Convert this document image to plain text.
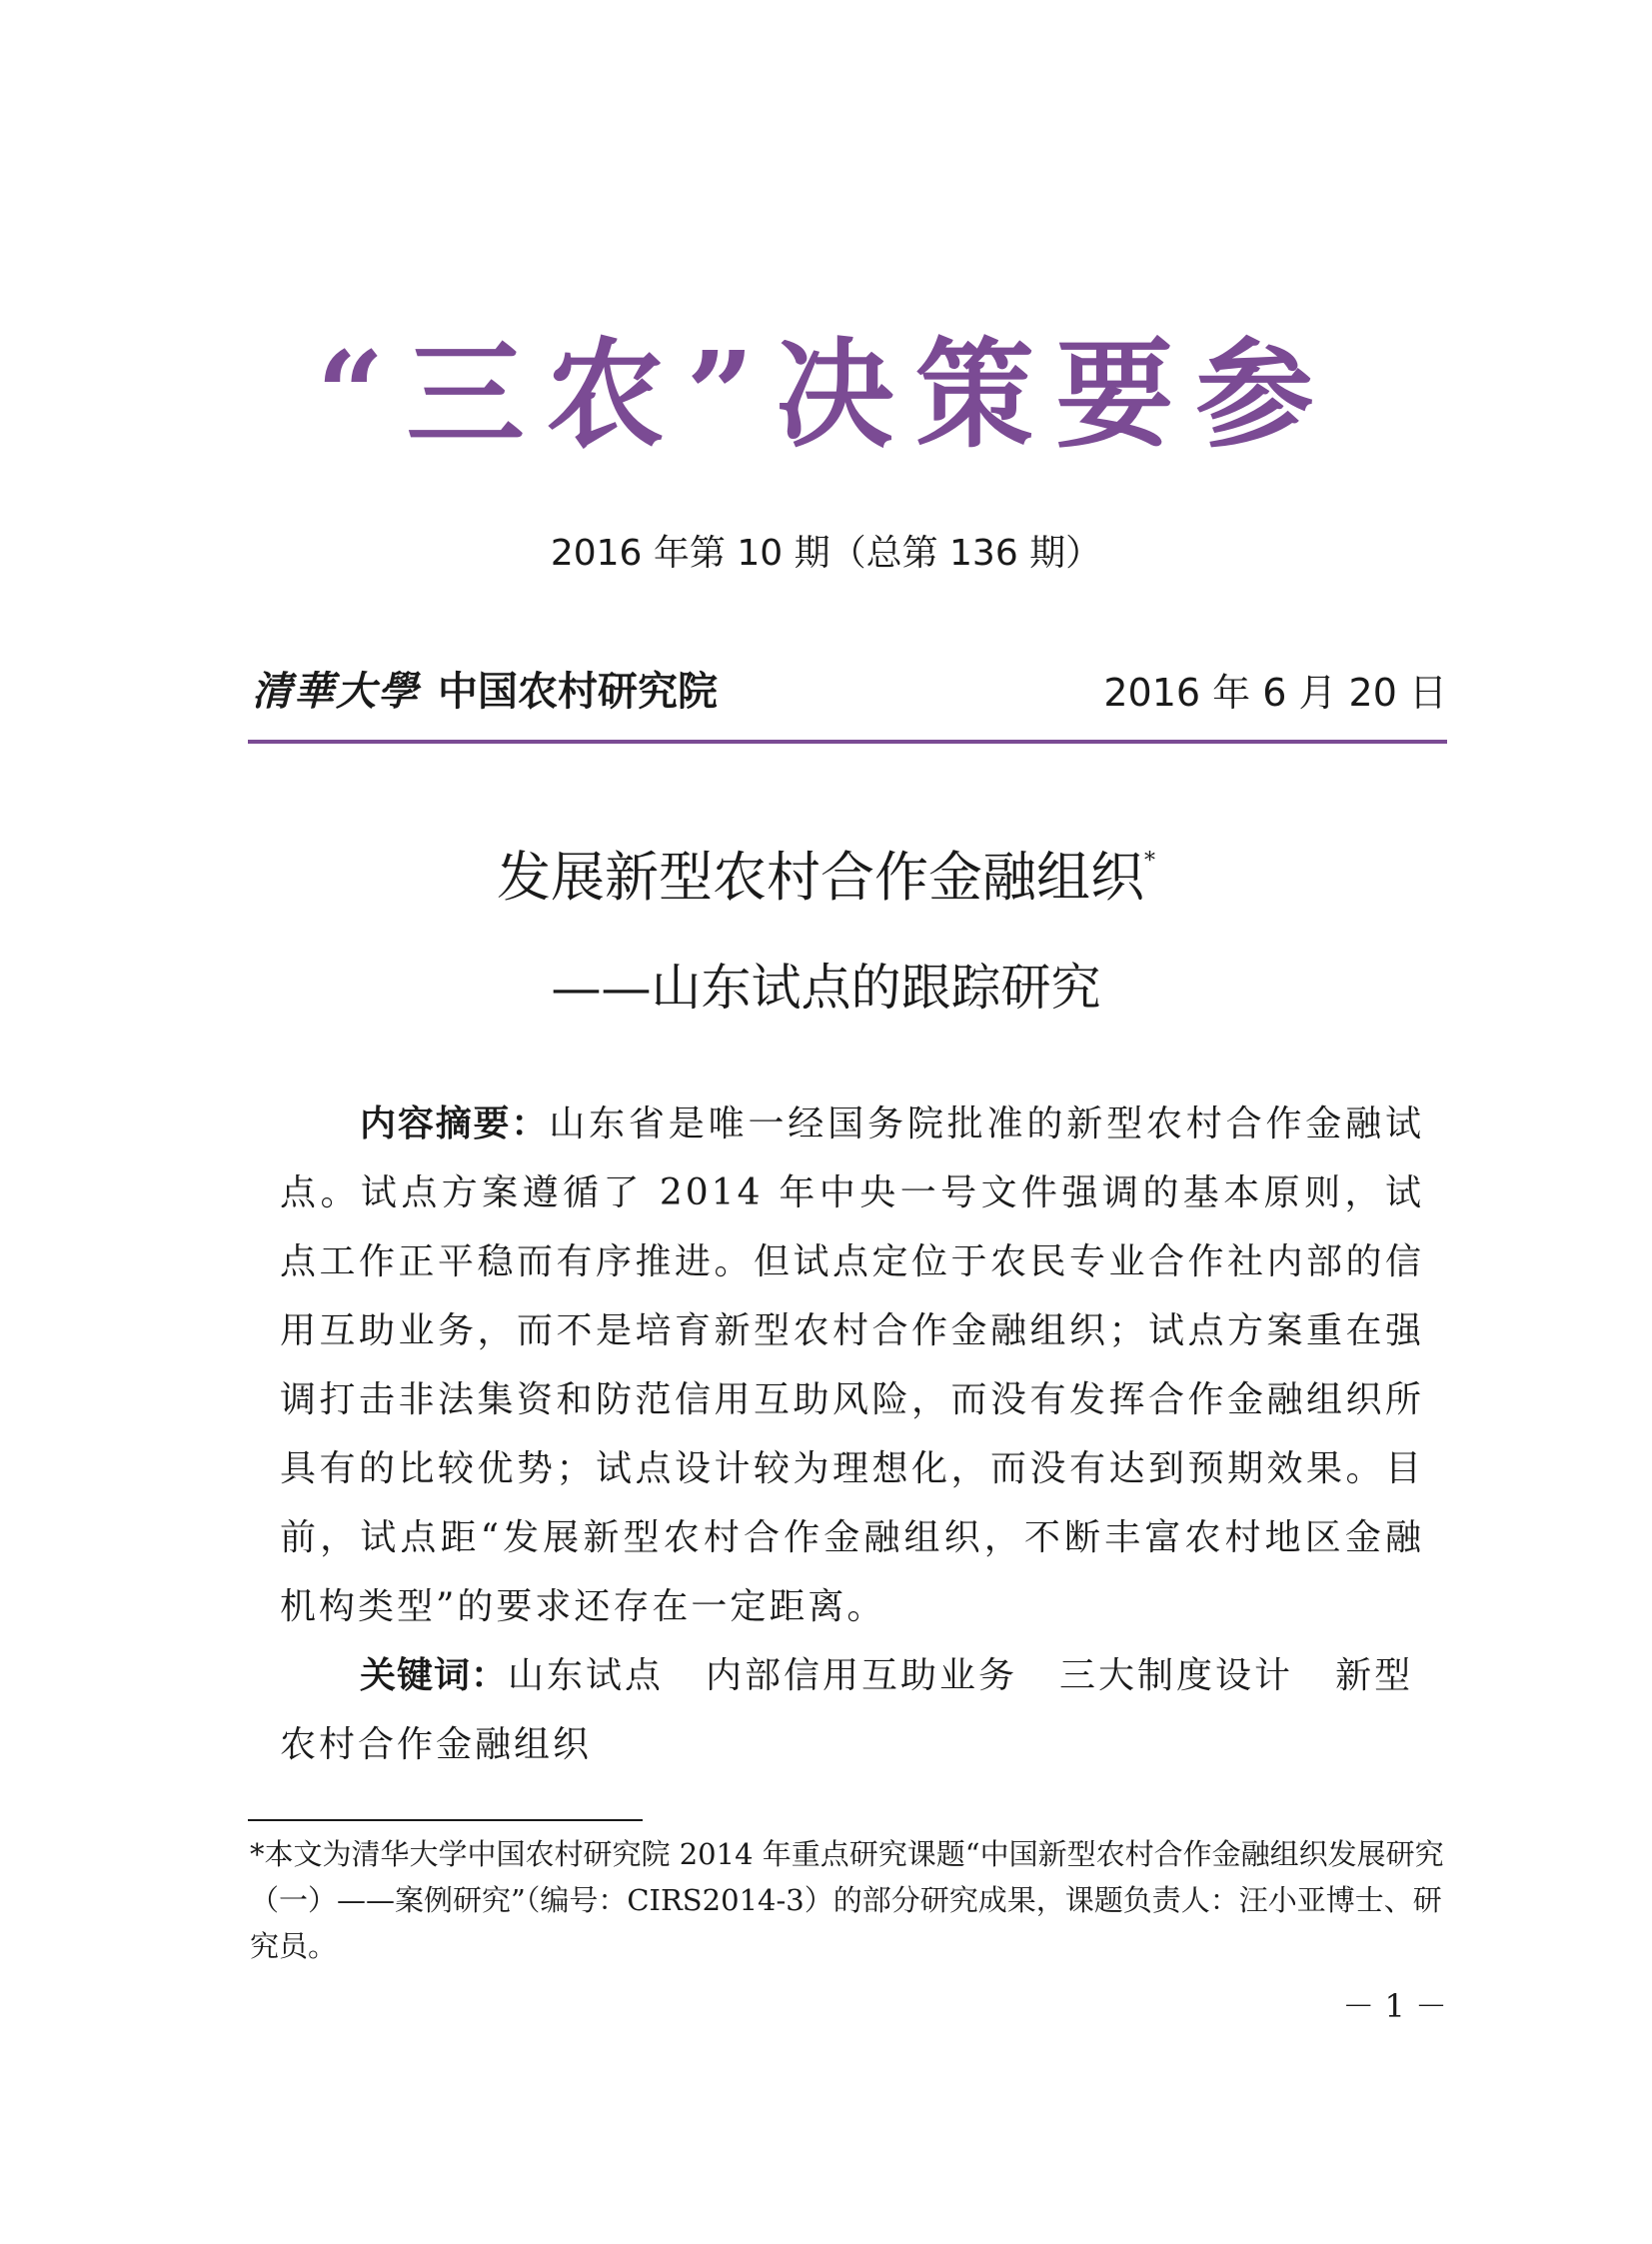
“三农”决策要参
2016 年第 10 期（总第 136 期）
清華大學 中国农村研究院	2016 年 6 月 20 日
发展新型农村合作金融组织*
——山东试点的跟踪研究

内容摘要：山东省是唯一经国务院批准的新型农村合作金融试点。试点方案遵循了 2014 年中央一号文件强调的基本原则，试点工作正平稳而有序推进。但试点定位于农民专业合作社内部的信用互助业务，而不是培育新型农村合作金融组织；试点方案重在强调打击非法集资和防范信用互助风险，而没有发挥合作金融组织所具有的比较优势；试点设计较为理想化，而没有达到预期效果。目前，试点距“发展新型农村合作金融组织，不断丰富农村地区金融机构类型”的要求还存在一定距离。

关键词：山东试点 内部信用互助业务 三大制度设计 新型农村合作金融组织

*本文为清华大学中国农村研究院 2014 年重点研究课题“中国新型农村合作金融组织发展研究（一）——案例研究”（编号：CIRS2014-3）的部分研究成果，课题负责人：汪小亚博士、研究员。

－ 1 －
